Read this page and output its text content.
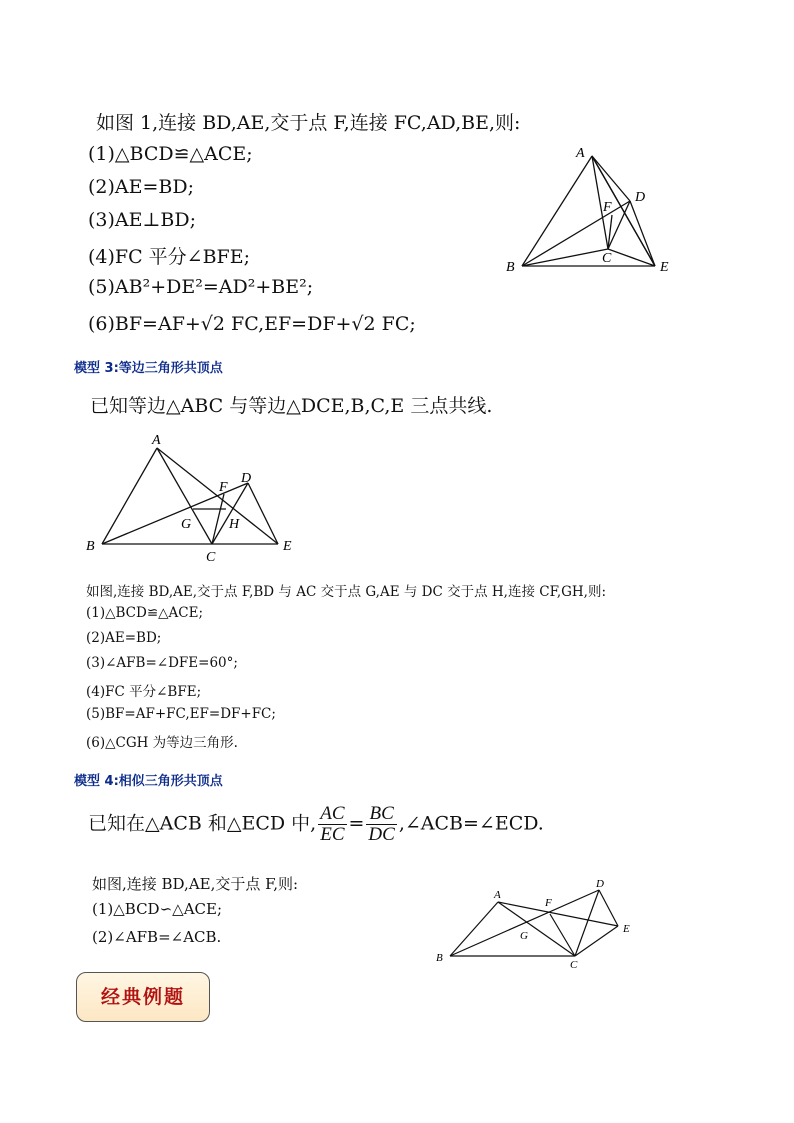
如图 1,连接 BD,AE,交于点 F,连接 FC,AD,BE,则:
(1)△BCD≌△ACE;
(2)AE=BD;
(3)AE⊥BD;
(4)FC 平分∠BFE;
(5)AB²+DE²=AD²+BE²;
(6)BF=AF+√2 FC,EF=DF+√2 FC;
A
D
F
B
C
E
模型 3:等边三角形共顶点
已知等边△ABC 与等边△DCE,B,C,E 三点共线.
A
D
F
G	H
B
C
E
如图,连接 BD,AE,交于点 F,BD 与 AC 交于点 G,AE 与 DC 交于点 H,连接 CF,GH,则:
(1)△BCD≌△ACE;
(2)AE=BD;
(3)∠AFB=∠DFE=60°;
(4)FC 平分∠BFE;
(5)BF=AF+FC,EF=DF+FC;
(6)△CGH 为等边三角形.
模型 4:相似三角形共顶点
已知在△ACB 和△ECD 中, $\frac{AC}{EC} = \frac{BC}{DC}$ ,∠ACB=∠ECD.
如图,连接 BD,AE,交于点 F,则:
(1)△BCD∽△ACE;
(2)∠AFB=∠ACB.
A
F
D
G
E
B
C
经典例题
